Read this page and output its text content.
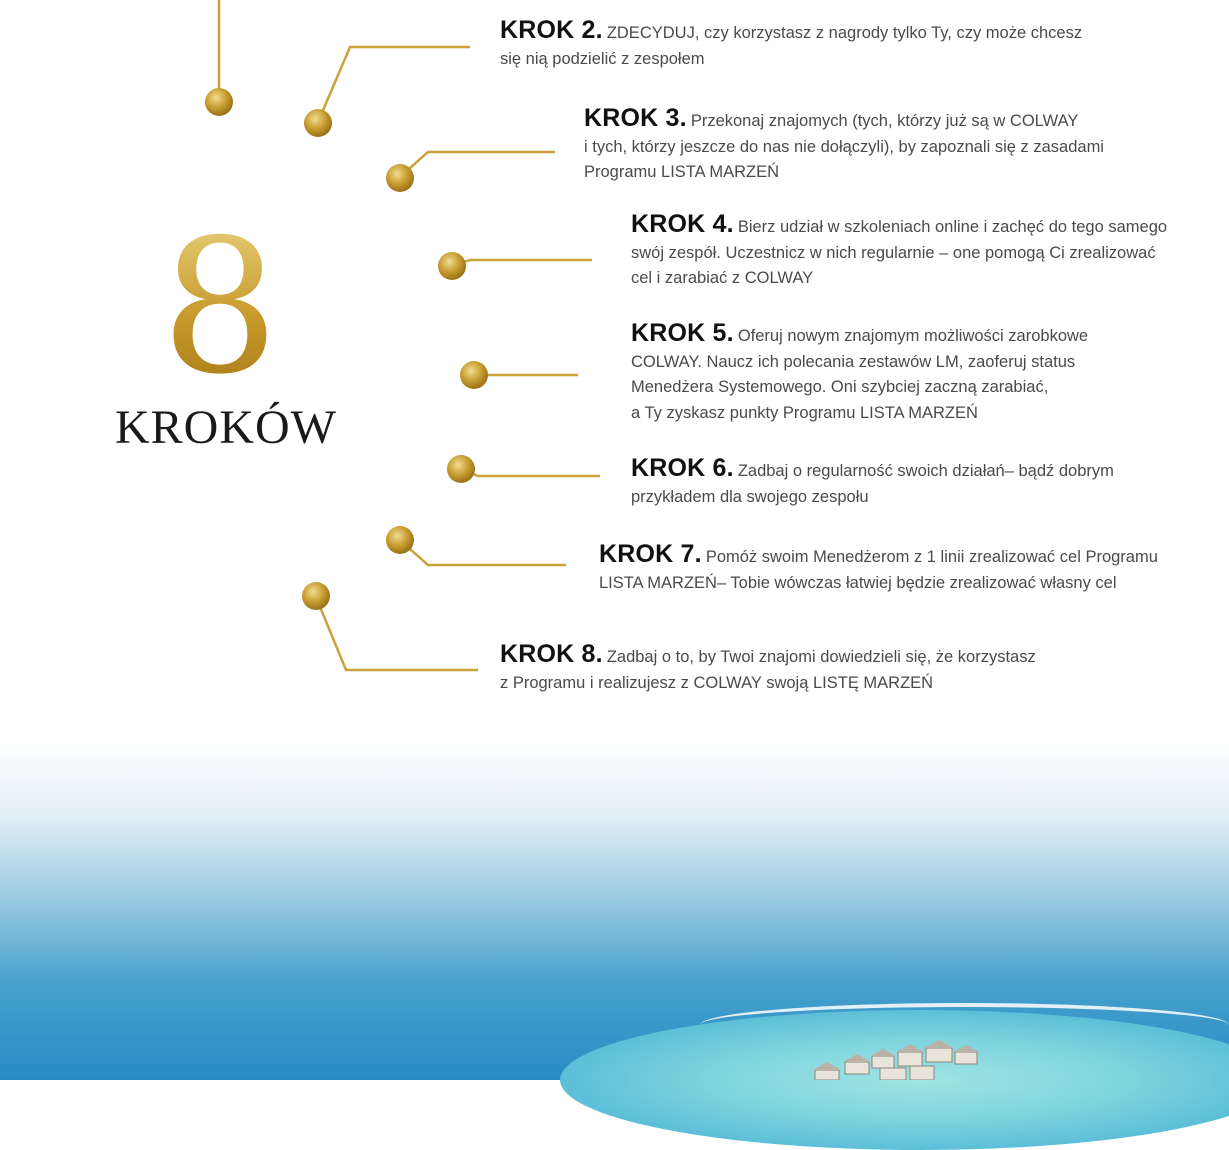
8
KROKÓW
KROK 2. ZDECYDUJ, czy korzystasz z nagrody tylko Ty, czy może chcesz
się nią podzielić z zespołem
KROK 3. Przekonaj znajomych (tych, którzy już są w COLWAY
i tych, którzy jeszcze do nas nie dołączyli), by zapoznali się z zasadami
Programu LISTA MARZEŃ
KROK 4. Bierz udział w szkoleniach online i zachęć do tego samego
swój zespół. Uczestnicz w nich regularnie – one pomogą Ci zrealizować
cel i zarabiać z COLWAY
KROK 5. Oferuj nowym znajomym możliwości zarobkowe
COLWAY. Naucz ich polecania zestawów LM, zaoferuj status
Menedżera Systemowego. Oni szybciej zaczną zarabiać,
a Ty zyskasz punkty Programu LISTA MARZEŃ
KROK 6. Zadbaj o regularność swoich działań– bądź dobrym
przykładem dla swojego zespołu
KROK 7. Pomóż swoim Menedżerom z 1 linii zrealizować cel Programu
LISTA MARZEŃ– Tobie wówczas łatwiej będzie zrealizować własny cel
KROK 8. Zadbaj o to, by Twoi znajomi dowiedzieli się, że korzystasz
z Programu i realizujesz z COLWAY swoją LISTĘ MARZEŃ
